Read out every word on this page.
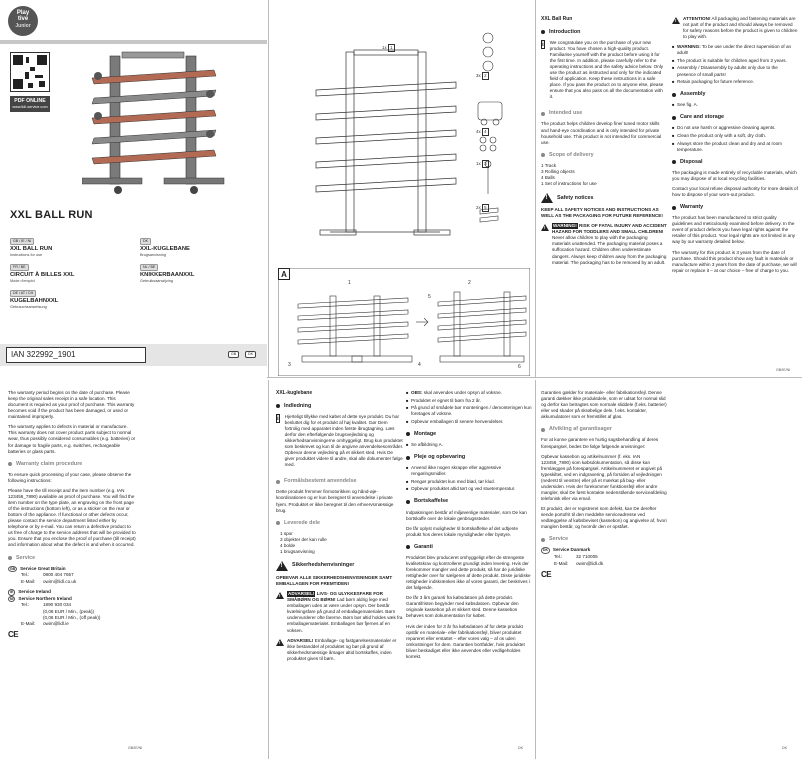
Play
tive
Junior
PDF ONLINE
www.lidl-service.com
XXL BALL RUN
GB / IE / NI
XXL BALL RUN
Instructions for use
DK
XXL-KUGLEBANE
Brugsanvisning
FR / BE
CIRCUIT À BILLES XXL
Mode d'emploi
NL / BE
KNIKKERBAANXXL
Gebruiksaanwijzing
DE / AT / CH
KUGELBAHNXXL
Gebrauchsanweisung
IAN 322992_1901	GB	DK
1x 1
3x 2
4x 4
1x 3
2x 5
A
1	2
3	4
5
6
XXL Ball Run
Introduction
i We congratulate you on the purchase of your new product. You have chosen a high-quality product. Familiarise yourself with the product before using it for the first time. In addition, please carefully refer to the operating instructions and the safety advice below. Only use the product as instructed and only for the indicated field of application. Keep these instructions in a safe place. If you pass the product on to anyone else, please ensure that you also pass on all the documentation with it.

Intended use

The product helps children develop fine/ tuned motor skills and hand-eye coordination and is only intended for private household use. This product is not intended for commercial use.

Scope of delivery
1 Track
3 Rolling objects
4 Balls
1 Set of instructions for use
!
Safety notices

KEEP ALL SAFETY NOTICES AND INSTRUCTIONS AS WELL AS THE PACKAGING FOR FUTURE REFERENCE!

!

WARNING! RISK OF FATAL INJURY AND ACCIDENT HAZARD FOR TODDLERS AND SMALL CHILDREN! Never allow children to play with the packaging materials unattended. The packaging material poses a suffocation hazard. Children often underestimate dangers. Always keep children away from the packaging material. The packaging has to be removed by an adult.

!

ATTENTION! All packaging and fastening materials are not part of the product and should always be removed for safety reasons before the product is given to children to play with.

■ WARNING: To be use under the direct supervision of an adult!
■ The product is suitable for children aged from 2 years.
■ Assembly / Disassembly by adults only due to the presence of small parts!
■ Retain packaging for future reference.
Assembly
■ See fig. A.
Care and storage
■ Do not use harsh or aggressive cleaning agents.
■ Clean the product only with a soft, dry cloth.
■ Always store the product clean and dry and at room temperature.
Disposal

The packaging is made entirely of recyclable materials, which you may dispose of at local recycling facilities.

Contact your local refuse disposal authority for more details of how to dispose of your worn-out product.

Warranty

The product has been manufactured to strict quality guidelines and meticulously examined before delivery. In the event of product defects you have legal rights against the retailer of this product. Your legal rights are not limited in any way by our warranty detailed below.

The warranty for this product is 3 years from the date of purchase. Should this product show any fault in materials or manufacture within 3 years from the date of purchase, we will repair or replace it – at our choice – free of charge to you.

GB/IE/NI

The warranty period begins on the date of purchase. Please keep the original sales receipt in a safe location. This document is required as your proof of purchase. This warranty becomes void if the product has been damaged, or used or maintained improperly.

The warranty applies to defects in material or manufacture. This warranty does not cover product parts subject to normal wear, thus possibly considered consumables (e.g. batteries) or for damage to fragile parts, e.g. switches, rechargeable batteries or glass parts.

Warranty claim procedure

To ensure quick processing of your case, please observe the following instructions:

Please have the till receipt and the item number (e.g. IAN 123456_7890) available as proof of purchase. You will find the item number on the type plate, an engraving on the front page of the instructions (bottom left), or as a sticker on the rear or bottom of the appliance. If functional or other defects occur, please contact the service department listed either by telephone or by e-mail. You can return a defective product to us free of charge to the service address that will be provided to you. Ensure that you enclose the proof of purchase (till receipt) and information about what the defect is and when it occurred.

Service
GB Service Great Britain
Tel.:	0800 404 7657
E-Mail:	owim@lidl.co.uk
IE Service Ireland
NI Service Northern Ireland
Tel.:	1890 930 034
(0,08 EUR / Min., (peak))
(0,06 EUR / Min., (off peak))
E-Mail:	owim@lidl.ie
CE
GB/IE/NI
XXL-kuglebane
Indledning
i Hjerteligt tillykke med købet af dette nye produkt. Du har besluttet dig for et produkt af høj kvalitet. Gør Dem fortrolig med apparatet inden første ibrugtagning. Læs derfor den efterfølgende brugsvejledning og sikkerhedsanvisningerne omhyggeligt. Brug kun produktet som beskrevet og kun til de angivne anvendelsesområder. Opbevar denne vejledning på et sikkert sted. Hvis De giver produktet videre til andre, skal alle dokumenter følge med.

Formålsbestemt anvendelse

Dette produkt fremmer finmotorikken og hånd-øje-koordinationen og er kun beregnet til anvendelse i private hjem. Produktet er ikke beregnet til den erhvervsmæssige brug.

Leverede dele
1 spor
3 objekter der kan rulle
4 bolde
1 brugsanvisning
!
Sikkerhedshenvisninger

OPBEVAR ALLE SIKKERHEDSHENVISNINGER SAMT EMBALLAGEN FOR FREMTIDEN!

!

ADVARSEL! LIVS- OG ULYKKESFARE FOR SMÅBØRN OG BØRN! Lad børn aldrig lege med emballagen uden at være under opsyn. Der består kvælningsfare på grund af emballagematerialet. Børn undervurderer ofte farerne. Børn bør altid holdes væk fra emballagematerialet. Emballagen bør fjernes af en voksen.

!

ADVARSEL! Emballage- og fastgørelsesmaterialer er ikke bestanddel af produktet og bør på grund af sikkerhedsmæssige årsager altid bortskaffes, inden produktet gives til børn.

■ OBS: skal anvendes under opsyn af voksne.
■ Produktet er egnet til børn fra 2 år.
■ På grund af smådele bør monteringen / demonteringen kun foretages af voksne.
■ Opbevar emballagen til senere henvendelser.
Montage
■ Se afbildning A.
Pleje og opbevaring
■ Anvend ikke nogen skrappe eller aggressive rengøringsmidler.
■ Rengør produktet kun med blød, tør klud.
■ Opbevar produktet altid tørt og ved stuetemperatur.
Bortskaffelse

Indpakningen består af miljøvenlige materialer, som De kan bortskaffe over de lokale genbrugssteder.

De får oplyst muligheder til bortskaffelse af det udtjente produkt hos deres lokale myndigheder eller bystyre.

Garanti

Produktet blev produceret omhyggeligt efter de strengeste kvalitetskrav og kontrolleret grundigt inden levering. Hvis der forekommer mangler ved dette produkt, så har de juridiske rettigheder over for sælgeren af dette produkt. Disse juridiske rettigheder indskrænkes ikke af vores garanti, der beskrives i det følgende.

De får 3 års garanti fra købsdatoen på dette produkt. Garantifristen begynder med købsdatoen. Opbevar den originale kassebon på et sikkert sted. Denne kassebon behøves som dokumentation for købet.

Hvis der inden for 3 år fra købsdatoen af for dette produkt opstår en materiale- eller fabrikationsfejl, bliver produktet repareret eller erstattet – efter vores valg – af os uden omkostninger for dem. Garantien bortfalder, hvis produktet bliver beskadiget eller ikke anvendes eller vedligeholdes korrekt.

DK

Garantien gælder for materiale- eller fabrikationsfejl. Denne garanti dækker ikke produktdele, som er udsat for normal slid og derfor kan betragtes som normale sliddele (f.eks. batterier) eller ved skader på skrøbelige dele, f.eks. kontakter, akkumulatorer som er fremstillet af glas.

Afvikling af garantisager

For at kunne garantere en hurtig sagsbehandling af deres forespørgsel, bedes De følge følgende anvisninger:

Opbevar kassebon og artikelnummer (f. eks. IAN 123456_7890) som købsdokumentation, så disse kan fremlægges på forespørgsel. Artikelnummeret er angivet på typeskiltet, ved en indgravering, på forsiden af vejledningen (nederst til venstre) eller på et mærkat på bag- eller undersiden. Hvis der forekommer funktionsfejl eller andre mangler, skal De først kontakte nedenstående serviceafdeling telefonisk eller via email.

Et produkt, der er registreret som defekt, kan De derefter sende portofrit til den meddelte serviceadresse ved vedlæggelse af købsbeviset (kassebon) og angivelse af, hvori manglen består, og hvornår den er opstået.

Service
DK Service Danmark
Tel.:	32 710005
E-Mail:	owim@lidl.dk
CE
DK
